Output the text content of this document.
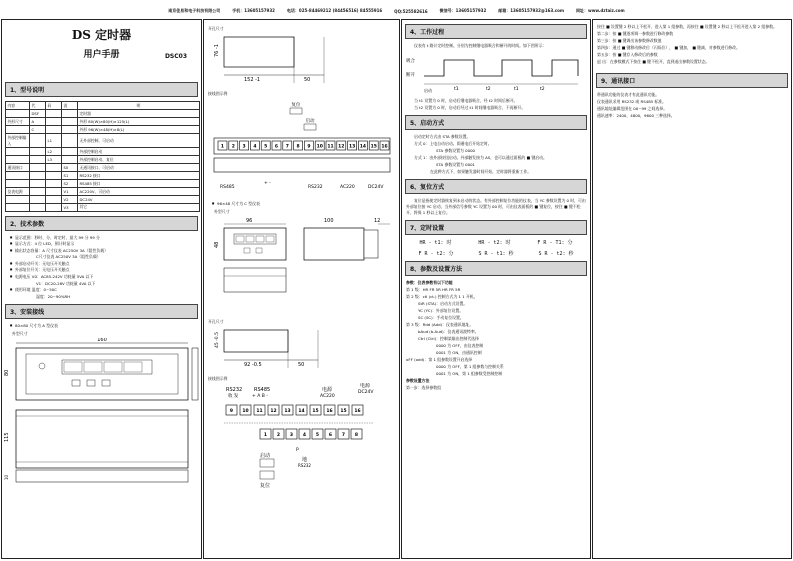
南京佳易和电子科技有限公司	手机：13605157932	电话：025-84469212 (84456516) 84555916	QQ:525582616	微信号：13605157932	邮箱：13605157932@163.com	网址：www.dztaiz.com
DS 定时器
用户手册	DSC03
1、型号说明
内容	代	码	说	明
	DSF			定时器
外形尺寸	A			外形 80(W)×80(H)×125(L)
	C			外形 96(W)×48(H)×8(L)
外部控制输入		L1		无外部控制、可启动
		L2		外部控制启动
		L3		外部控制启动、复位
通讯接口			S0	无通讯接口、可启动
			S1	RS232 接口
			S2	RS485 接口
仪表电源			V1	AC220V、可启动
			V2	DC24V
			V3	其它
2、技术参数
■ 显示范围：秒时、分、时定时，最大 99 分 99 分
■ 显示方式：4 位 LED，倒计时显示
■ 输出状态容量：A 尺寸仪表 AC250V 3A（阻性负载）
C尺寸仪表 AC250V 3A（阻性负载）
■ 外部启动开关：无电压开关触点
■ 外部复位开关：无电压开关触点
■ 电源电压 V0：AC85-242V 功耗量 5VA 以下
V1：DC20-28V 功耗量 4VA 以下
■ 使用环境 温度：0~50C
湿度：20~90%RH
3、安装接线
■ 80×80 尺寸为 A 型仪表
外型尺寸
160
80
115
10
开孔尺寸
76 -1
152 -1	50
接线图示例
复位
启动
1 2 3 4 5 6 7 8 9 10 11 12 13 14 15 16
RS485
+ -
RS232	AC220	DC24V
■ 96×48 尺寸为 C 型仪表
外型尺寸
96	100	12
48
开孔尺寸
45 -0.5
92 -0.5	50
接线图示例
RS232
收 发
RS485
+ A B -
电源
AC220
电源
DC24V
9 10 11 12 13 14 15 16 15 16
1 2 3 4 5 6 7 8
P
启动
地
RS232
复位
4、工作过程
仪表有 t 路计定时控制。分别为控制继电器吸合和断开的时间。如下图所示：
吸合
断开
启动	t1	t2	t1	t2
当 t1 设置为 0 时，启动后继电器吸合，经 t2 时间后断开。
当 t2 设置为 0 时，启动后经过 t1 时间继电器吸合，不再断开。
5、启动方式
启动定时方式由 STA 参数设置。
方式 0：上电自动启动。即通电后开始定时。
STA 参数设置为 0000
方式 1：由外部按钮启动。外部触发接为 AS，也可以通过面板的 ■ 键启动。
STA 参数设置为 0001
在此种方式下，如果触发器时间开始，定时器将重新工作。
6、复位方式
复位是指使定时器恢复到未启动的状态。有外部控制复位功能的仪表，当 YC 参数设置为 0 时，可由外部复位接 YC 启动，当外部信号参数 YC 设置为 00 时，可由仪表面板的 ■ 键复位，按住 ■ 键不松开，将保 1 秒以上复位。
7、定时设置
HR - t1: 时	HR - t2: 时	F R - T1: 分
F R - t2: 分	S R - t1: 秒	S R - t2: 秒
8、参数及设置方法
参数：仪表参数有以下功能
第 1 级：HR FR 5R HR FR 5R
第 2 级：ctl (ct.) 控制方式为 1 1 开机。
StR (STA)：启动方式设置。
YC (YC)：外部复位设置。
SC (SC)：手动复位设置。
第 3 级：Rdd (Add)：仪表通讯地址。
bAud (b.Aud)：仪表通讯波特率。
Ctrl (Ctrl)：控制某输出控制代选择
0000 为 OFF，由仪表控制
0001 为 ON，由通讯控制
oFF (odd)：第 1 组参数设置开启选择
0000 为 OFF，第 1 组参数与控制关系
0001 为 ON，第 1 组参数受控制控制
参数设置方法
第一步：选择参数组
按住 ■ 设置键 2 秒以上不松开，进入第 1 组参数，再按住 ■ 设置键 2 秒以上不松开进入第 2 组参数。
第二步：按 ■ 键逐项调一参数进行修改参数
第三步：按 ■ 键调出该参数修改数值
第四步：通过 ■ 键移动修改位（闪烁位）， ■ 键加， ■ 键减，对参数进行修改。
第五步：按 ■ 键存入修改后的参数
退 出：在参数模式下按住 ■ 键不松开，直到退出参数设置状态。
9、通讯接口
带通讯功能的仪表才有此通讯功能。
仪表通讯采用 RS232 或 RS485 标准。
通讯地址编辑范围在 00~99 之间选择。
通讯速率：2400，4800，9600 三种选择。
